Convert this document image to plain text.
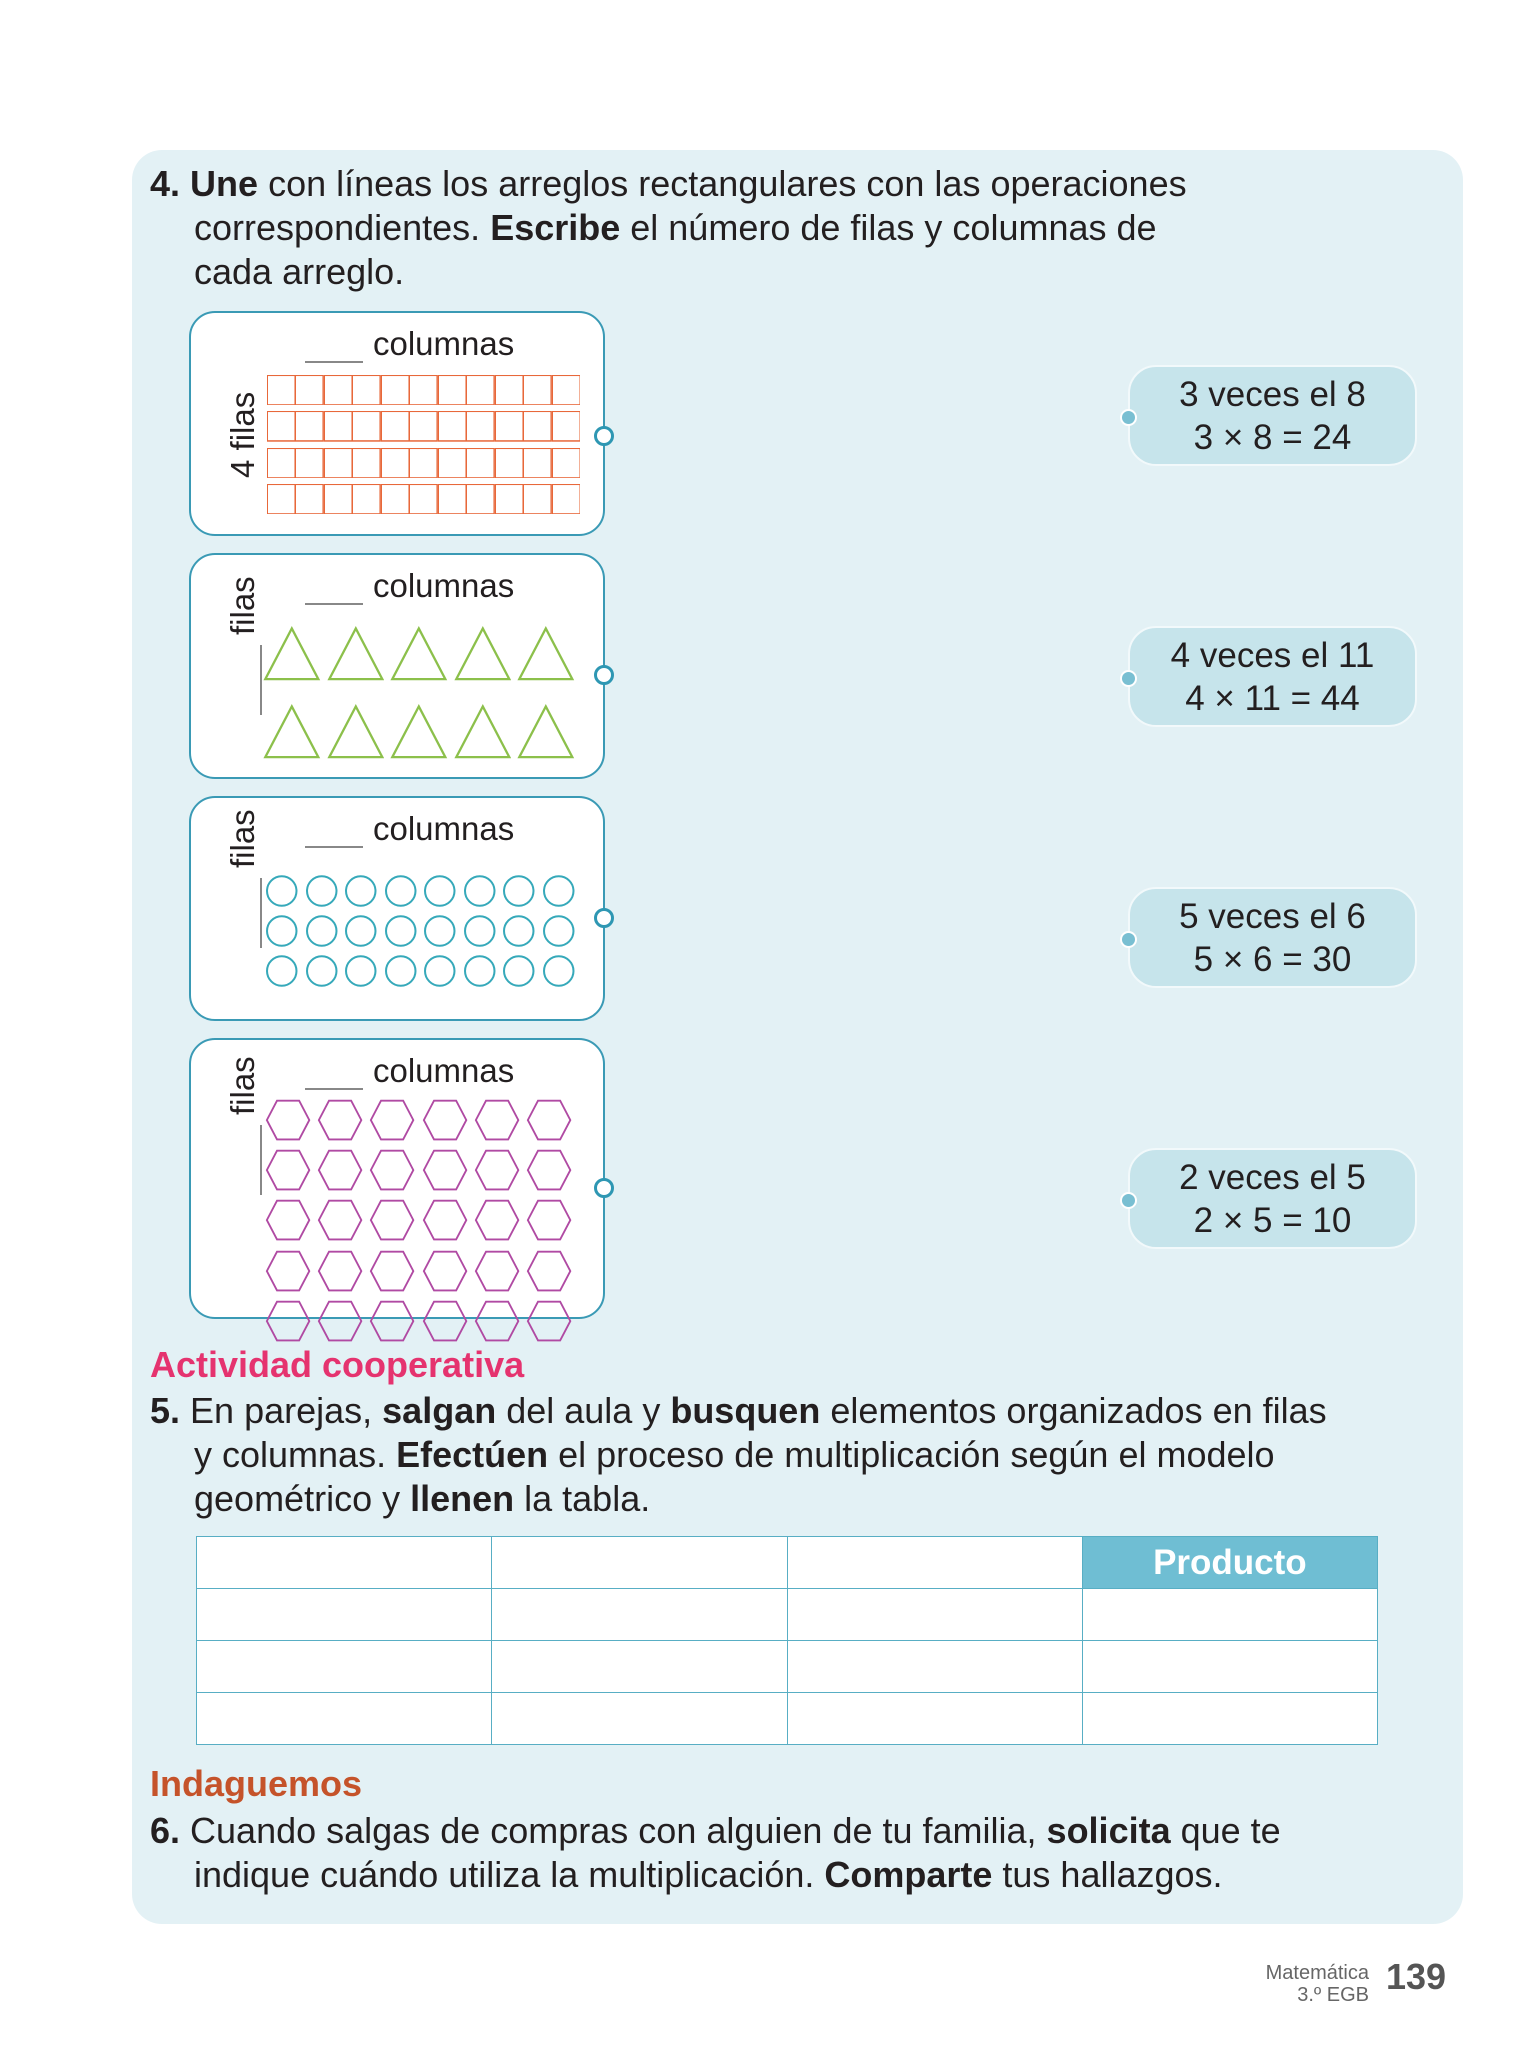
4. Une con líneas los arreglos rectangulares con las operaciones
correspondientes. Escribe el número de filas y columnas de
cada arreglo.
columnas
4

filas
columnas
filas
columnas
filas
columnas
filas
3 veces el 8
3 × 8 = 24
4 veces el 11
4 × 11 = 44
5 veces el 6
5 × 6 = 30
2 veces el 5
2 × 5 = 10
Actividad cooperativa
5. En parejas, salgan del aula y busquen elementos organizados en filas
y columnas. Efectúen el proceso de multiplicación según el modelo
geométrico y llenen la tabla.
			Producto

Indaguemos
6. Cuando salgas de compras con alguien de tu familia, solicita que te
indique cuándo utiliza la multiplicación. Comparte tus hallazgos.
Matemática
3.º EGB 139
